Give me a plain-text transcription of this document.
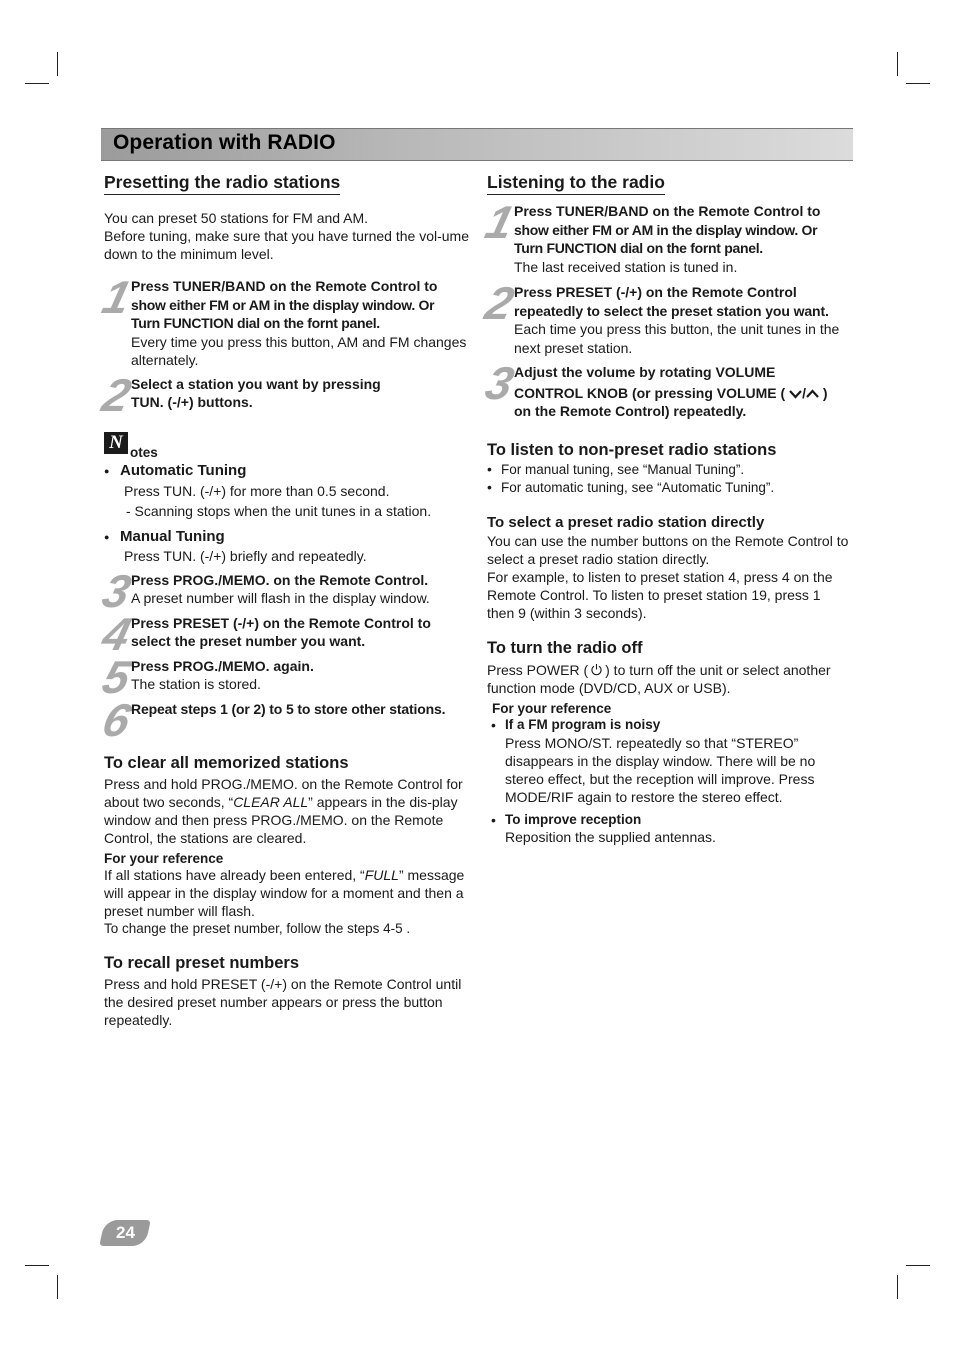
Operation with RADIO
Presetting the radio stations

You can preset 50 stations for FM and AM.

Before tuning, make sure that you have turned the vol-ume down to the minimum level.

1

Press TUNER/BAND on the Remote Control to

show either FM or AM in the display window. Or

Turn FUNCTION dial on the fornt panel.

Every time you press this button, AM and FM changes alternately.

2

Select a station you want by pressing

TUN. (-/+) buttons.

N otes
● Automatic Tuning

Press TUN. (-/+) for more than 0.5 second.

- Scanning stops when the unit tunes in a station.

● Manual Tuning

Press TUN. (-/+) briefly and repeatedly.

3

Press PROG./MEMO. on the Remote Control.

A preset number will flash in the display window.

4

Press PRESET (-/+) on the Remote Control to

select the preset number you want.

5

Press PROG./MEMO. again.

The station is stored.

6

Repeat steps 1 (or 2) to 5 to store other stations.

To clear all memorized stations

Press and hold PROG./MEMO. on the Remote Control for about two seconds, “CLEAR ALL” appears in the dis-play window and then press PROG./MEMO. on the Remote Control, the stations are cleared.

For your reference

If all stations have already been entered, “FULL” message will appear in the display window for a moment and then a preset number will flash.

To change the preset number, follow the steps 4-5 .

To recall preset numbers

Press and hold PRESET (-/+) on the Remote Control until the desired preset number appears or press the button repeatedly.

Listening to the radio
1

Press TUNER/BAND on the Remote Control to

show either FM or AM in the display window. Or

Turn FUNCTION dial on the fornt panel.

The last received station is tuned in.

2

Press PRESET (-/+) on the Remote Control

repeatedly to select the preset station you want.

Each time you press this button, the unit tunes in the next preset station.

3

Adjust the volume by rotating VOLUME

CONTROL KNOB (or pressing VOLUME ( / )

on the Remote Control) repeatedly.

To listen to non-preset radio stations

• For manual tuning, see “Manual Tuning”.
• For automatic tuning, see “Automatic Tuning”.

To select a preset radio station directly

You can use the number buttons on the Remote Control to select a preset radio station directly.

For example, to listen to preset station 4, press 4 on the Remote Control. To listen to preset station 19, press 1 then 9 (within 3 seconds).

To turn the radio off

Press POWER ( ) to turn off the unit or select another function mode (DVD/CD, AUX or USB).

For your reference

• If a FM program is noisy

Press MONO/ST. repeatedly so that “STEREO” disappears in the display window. There will be no stereo effect, but the reception will improve. Press MODE/RIF again to restore the stereo effect.

• To improve reception

Reposition the supplied antennas.

24
